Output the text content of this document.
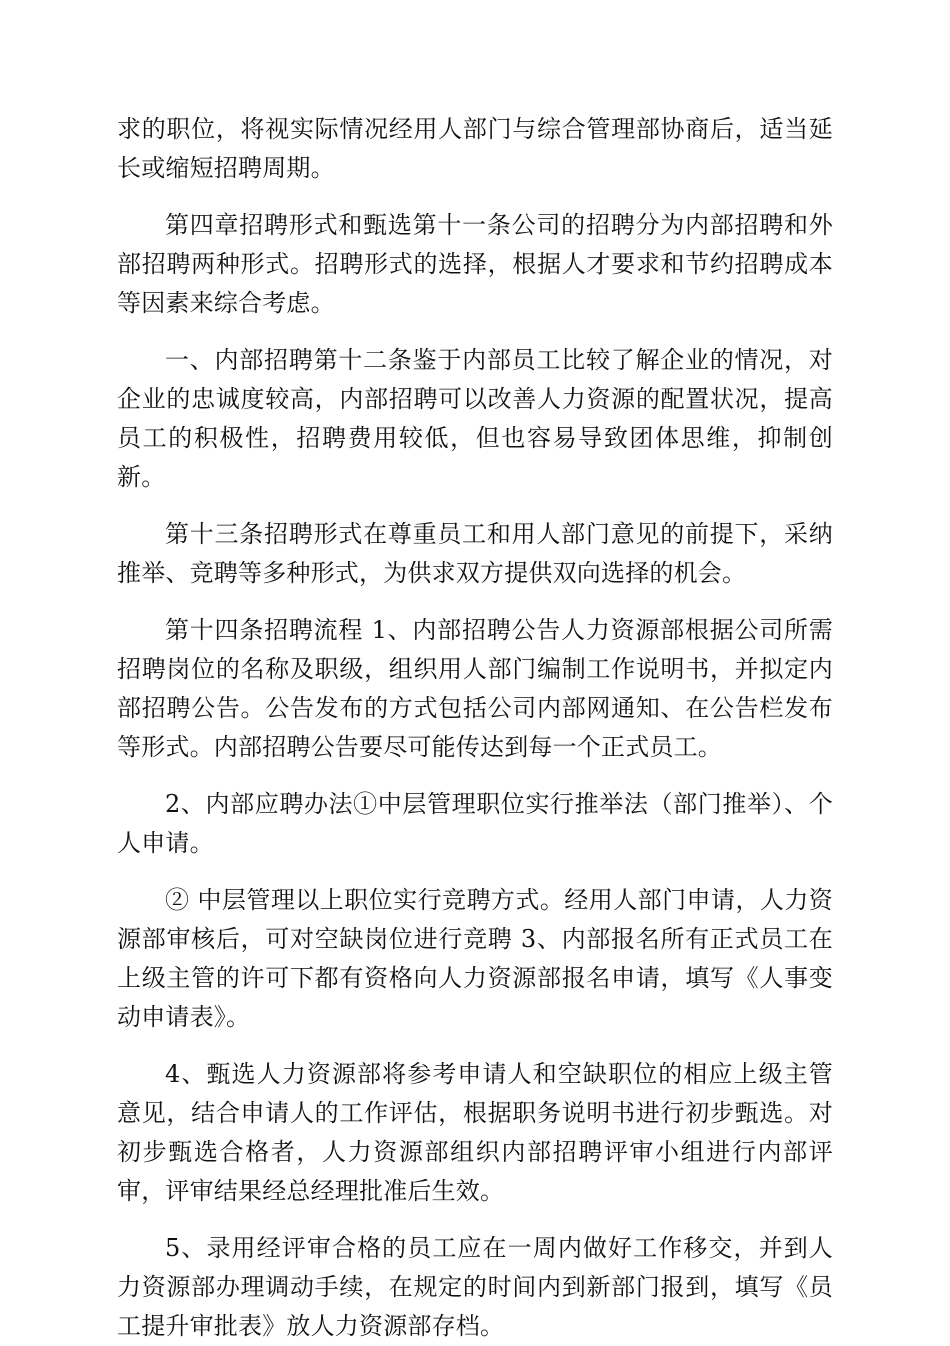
求的职位，将视实际情况经用人部门与综合管理部协商后，适当延长或缩短招聘周期。

第四章招聘形式和甄选第十一条公司的招聘分为内部招聘和外部招聘两种形式。招聘形式的选择，根据人才要求和节约招聘成本等因素来综合考虑。

一、内部招聘第十二条鉴于内部员工比较了解企业的情况，对企业的忠诚度较高，内部招聘可以改善人力资源的配置状况，提高员工的积极性，招聘费用较低，但也容易导致团体思维，抑制创新。

第十三条招聘形式在尊重员工和用人部门意见的前提下，采纳推举、竞聘等多种形式，为供求双方提供双向选择的机会。

第十四条招聘流程 1、内部招聘公告人力资源部根据公司所需招聘岗位的名称及职级，组织用人部门编制工作说明书，并拟定内部招聘公告。公告发布的方式包括公司内部网通知、在公告栏发布等形式。内部招聘公告要尽可能传达到每一个正式员工。

2、内部应聘办法①中层管理职位实行推举法（部门推举）、个人申请。

② 中层管理以上职位实行竞聘方式。经用人部门申请，人力资源部审核后，可对空缺岗位进行竞聘 3、内部报名所有正式员工在上级主管的许可下都有资格向人力资源部报名申请，填写《人事变动申请表》。

4、甄选人力资源部将参考申请人和空缺职位的相应上级主管意见，结合申请人的工作评估，根据职务说明书进行初步甄选。对初步甄选合格者，人力资源部组织内部招聘评审小组进行内部评审，评审结果经总经理批准后生效。

5、录用经评审合格的员工应在一周内做好工作移交，并到人力资源部办理调动手续，在规定的时间内到新部门报到，填写《员工提升审批表》放人力资源部存档。
